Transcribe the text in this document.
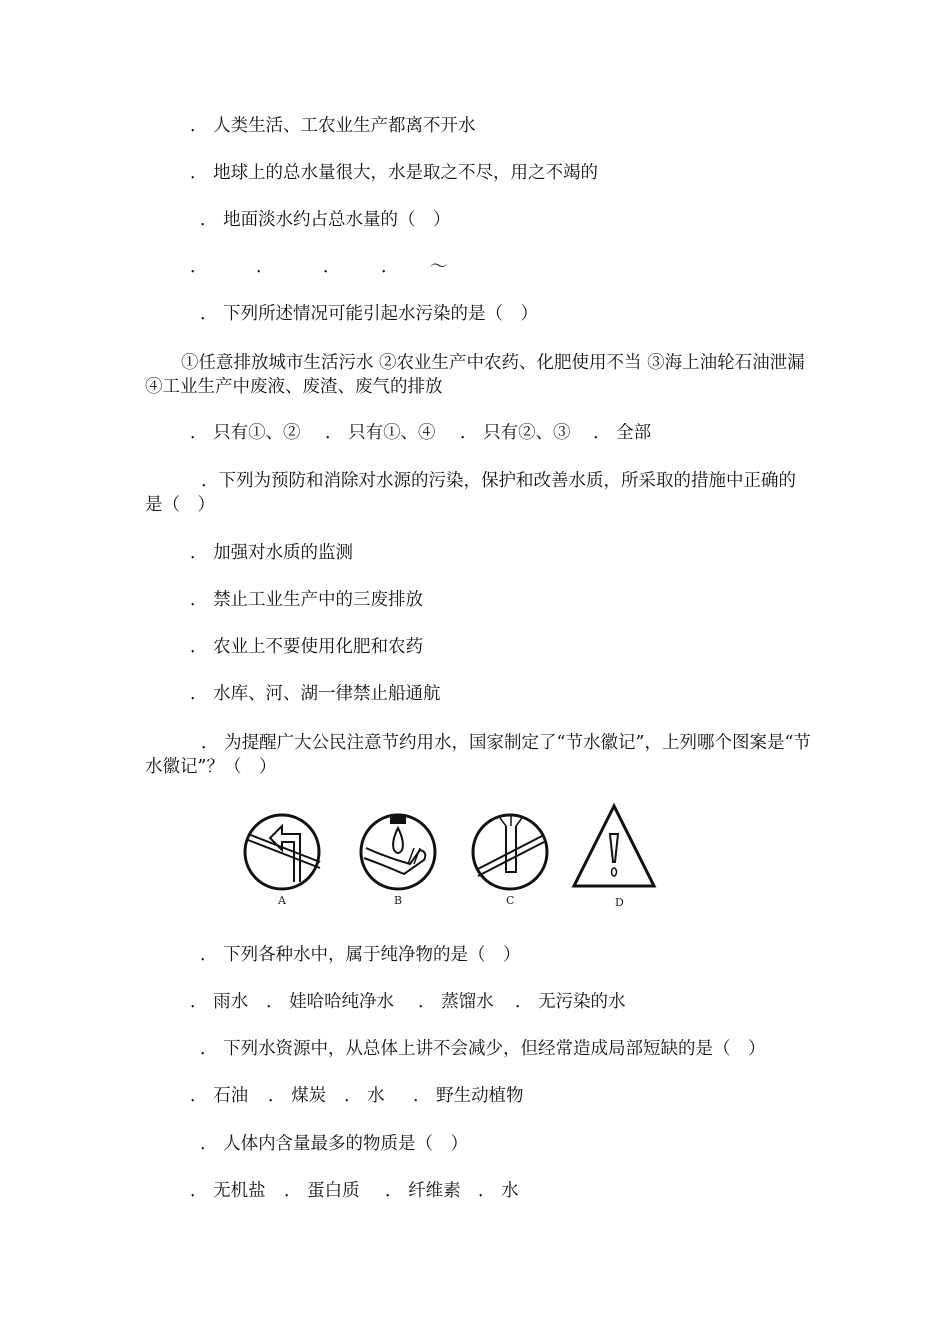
． 人类生活、工农业生产都离不开水
． 地球上的总水量很大，水是取之不尽，用之不竭的
． 地面淡水约占总水量的（　）
．	．	． ． ～
． 下列所述情况可能引起水污染的是（　）
①任意排放城市生活污水 ②农业生产中农药、化肥使用不当 ③海上油轮石油泄漏 ④工业生产中废液、废渣、废气的排放
． 只有①、② ． 只有①、④ ． 只有②、③ ． 全部
．下列为预防和消除对水源的污染，保护和改善水质，所采取的措施中正确的是（　）
． 加强对水质的监测
． 禁止工业生产中的三废排放
． 农业上不要使用化肥和农药
． 水库、河、湖一律禁止船通航
． 为提醒广大公民注意节约用水，国家制定了“节水徽记”，上列哪个图案是“节水徽记”？（　）
A	B	C	D
． 下列各种水中，属于纯净物的是（　）
． 雨水 ． 娃哈哈纯净水 ． 蒸馏水 ． 无污染的水
． 下列水资源中，从总体上讲不会减少，但经常造成局部短缺的是（　）
． 石油 ． 煤炭 ． 水 ． 野生动植物
． 人体内含量最多的物质是（　）
． 无机盐 ． 蛋白质 ． 纤维素 ． 水
